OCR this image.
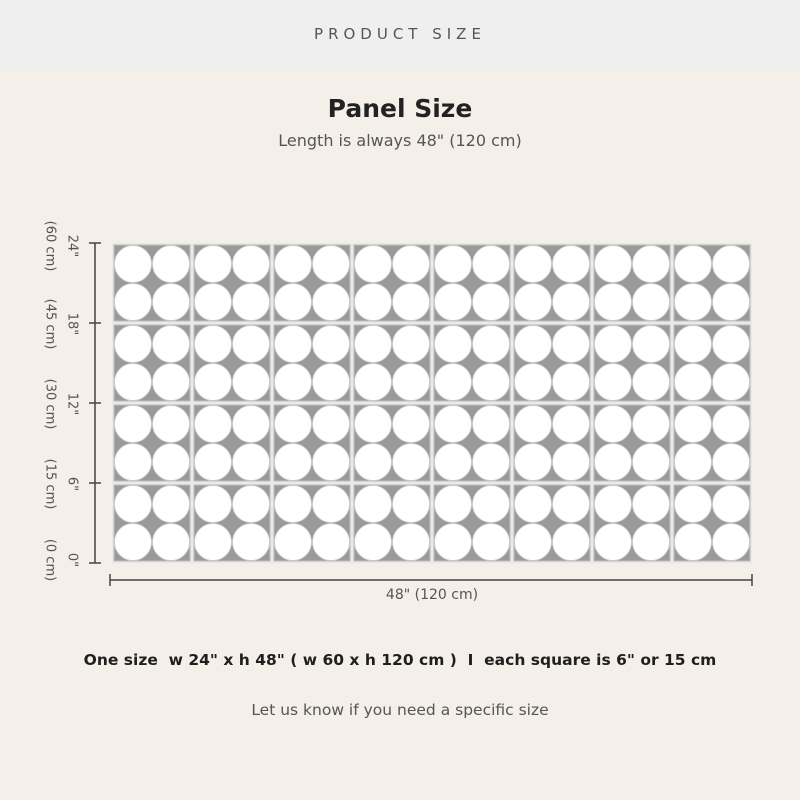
PRODUCT SIZE
Panel Size
Length is always 48" (120 cm)
0"
(0 cm)
6"
(15 cm)
12"
(30 cm)
18"
(45 cm)
24"
(60 cm)
48" (120 cm)
One size  w 24" x h 48" ( w 60 x h 120 cm )  I  each square is 6" or 15 cm
Let us know if you need a specific size
